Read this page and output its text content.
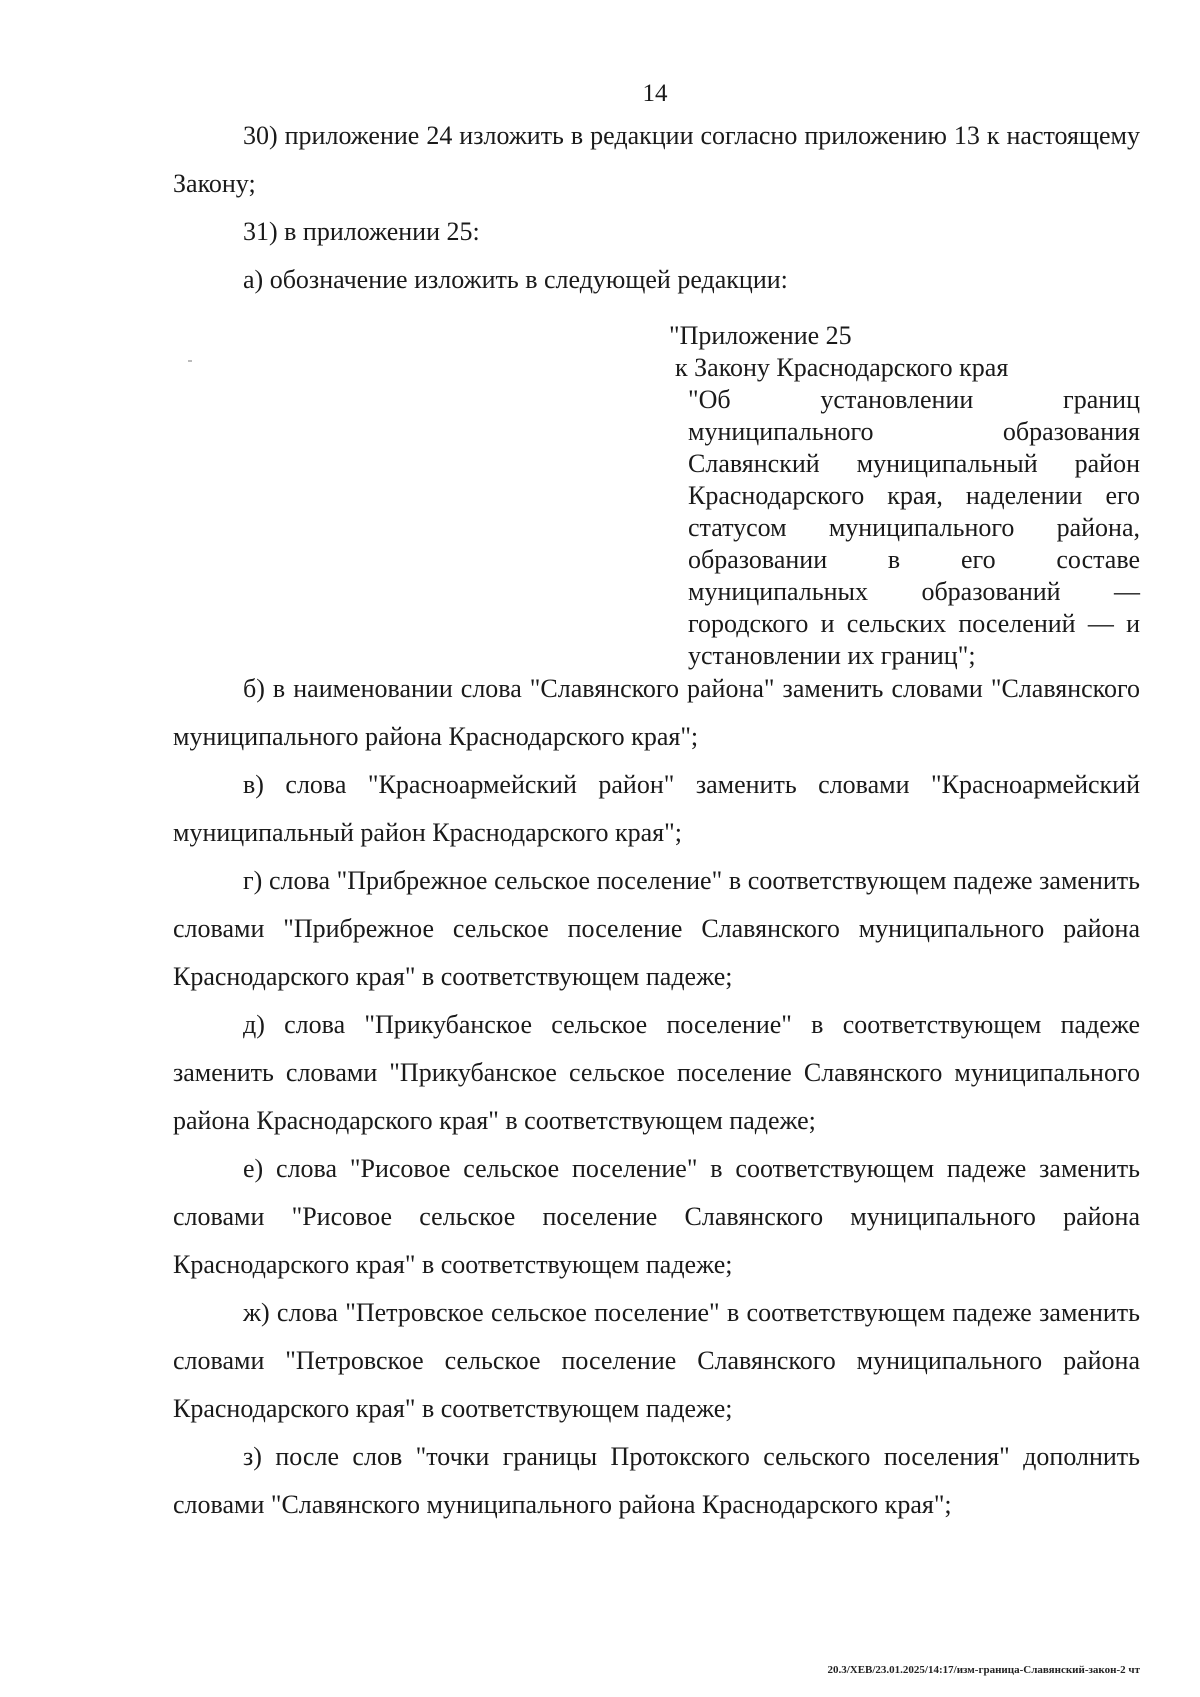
14
30) приложение 24 изложить в редакции согласно приложению 13 к настоящему Закону;
31) в приложении 25:
а) обозначение изложить в следующей редакции:
"Приложение 25
к Закону Краснодарского края
"Об установлении границ муниципального образования Славянский муниципальный район Краснодарского края, наделении его статусом муниципального района, образовании в его составе муниципальных образований — городского и сельских поселений — и установлении их границ";
б) в наименовании слова "Славянского района" заменить словами "Славянского муниципального района Краснодарского края";
в) слова "Красноармейский район" заменить словами "Красноармейский муниципальный район Краснодарского края";
г) слова "Прибрежное сельское поселение" в соответствующем падеже заменить словами "Прибрежное сельское поселение Славянского муниципального района Краснодарского края" в соответствующем падеже;
д) слова "Прикубанское сельское поселение" в соответствующем падеже заменить словами "Прикубанское сельское поселение Славянского муниципального района Краснодарского края" в соответствующем падеже;
е) слова "Рисовое сельское поселение" в соответствующем падеже заменить словами "Рисовое сельское поселение Славянского муниципального района Краснодарского края" в соответствующем падеже;
ж) слова "Петровское сельское поселение" в соответствующем падеже заменить словами "Петровское сельское поселение Славянского муниципального района Краснодарского края" в соответствующем падеже;
з) после слов "точки границы Протокского сельского поселения" дополнить словами "Славянского муниципального района Краснодарского края";
20.3/ХЕВ/23.01.2025/14:17/изм-граница-Славянский-закон-2 чт
